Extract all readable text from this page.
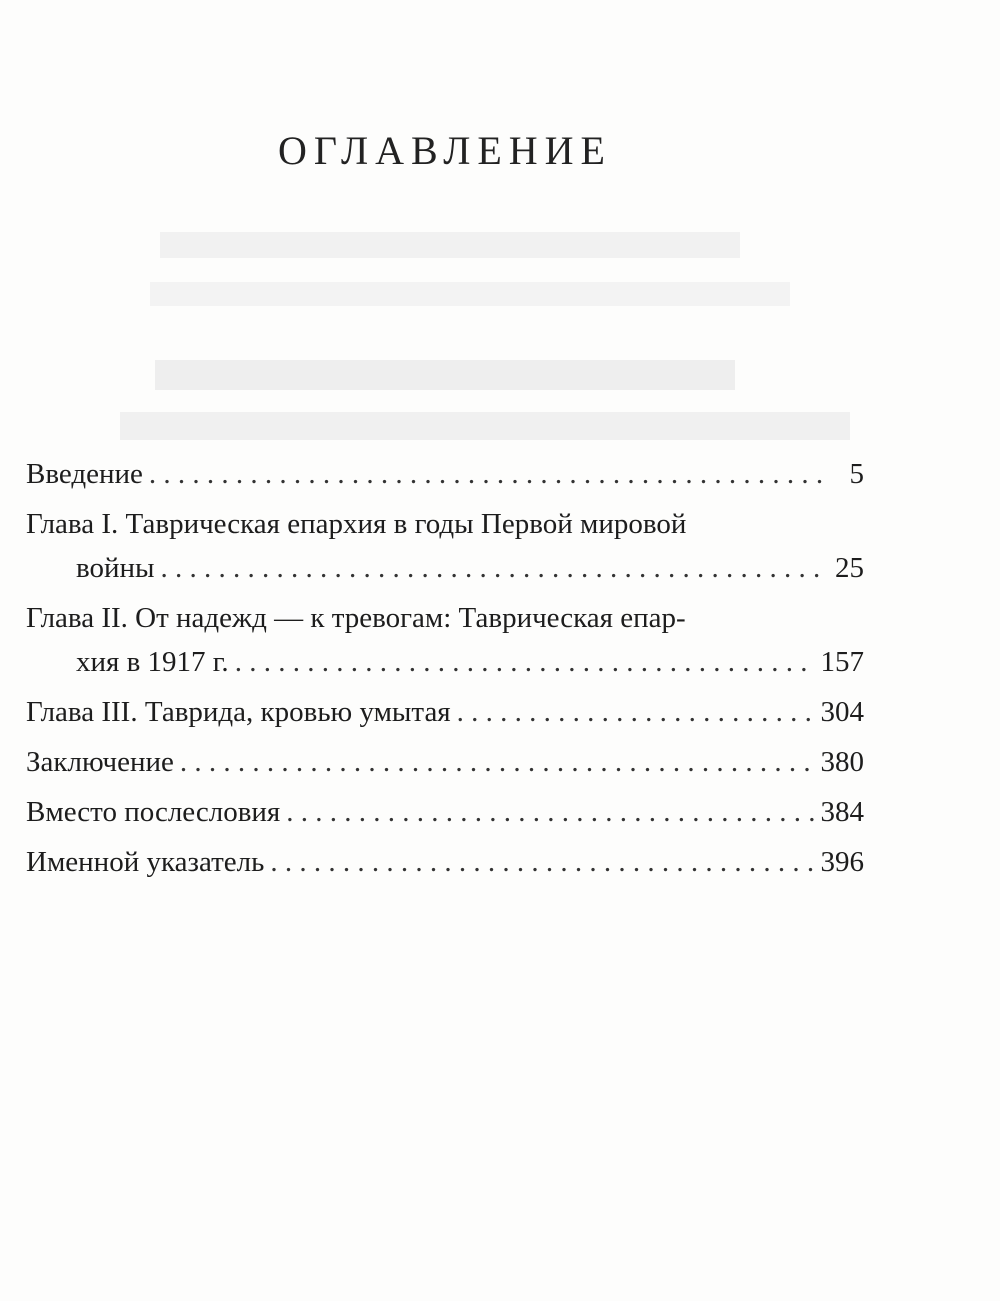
ОГЛАВЛЕНИЕ
Введение . . .	5
Глава I. Таврическая епархия в годы Первой мировой
войны . . .	25
Глава II. От надежд — к тревогам: Таврическая епар-
хия в 1917 г. . . .	157
Глава III. Таврида, кровью умытая . . .	304
Заключение . . .	380
Вместо послесловия . . .	384
Именной указатель . . .	396
